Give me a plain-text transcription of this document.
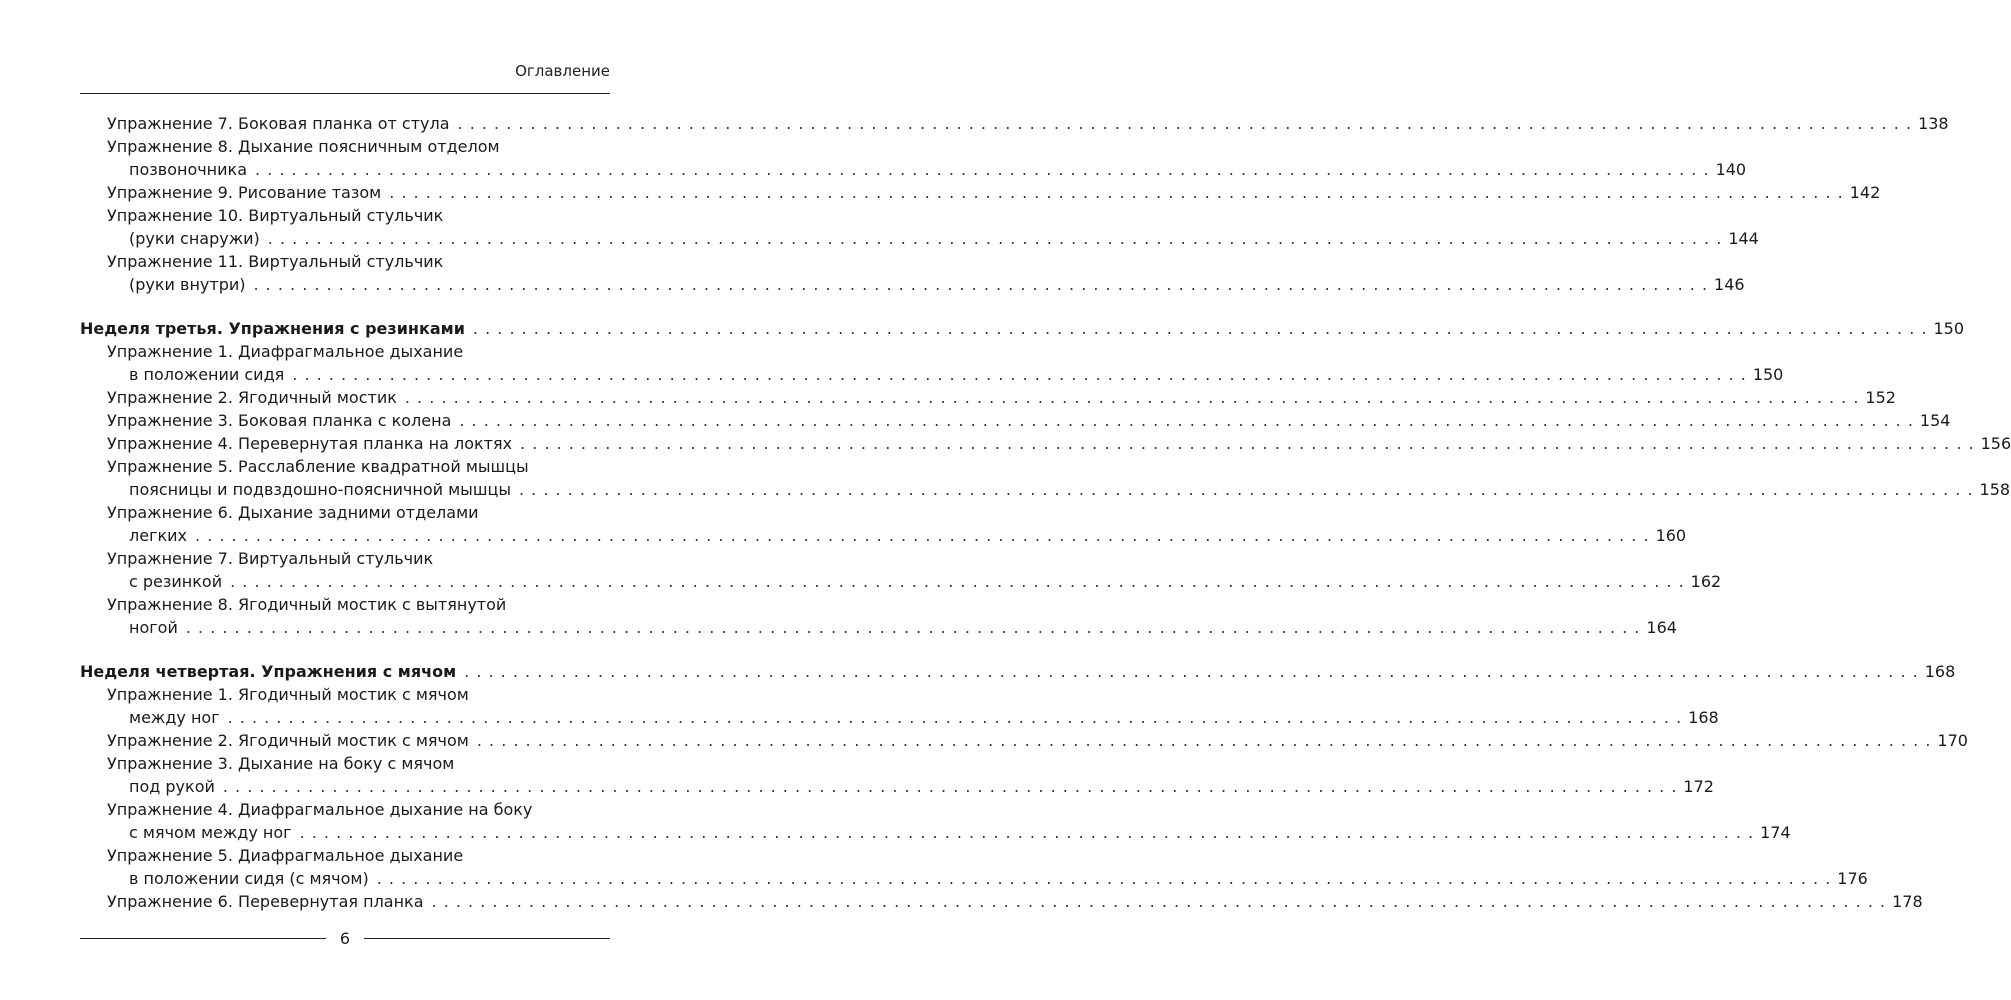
Оглавление
Упражнение 7. Боковая планка от стула . . . . . . . . . . . . . . . . . . . . . . . . . . . . . . . . . . . . . . . . . . . . . . . . . . . . . . . . . . . . . . . . . . . . . . . . . . . . . . . . . . . . . . . . . . . . . . . . . . . . . . . . . . . . . . . . . . . . . . . . 138
Упражнение 8. Дыхание поясничным отделом
позвоночника . . . . . . . . . . . . . . . . . . . . . . . . . . . . . . . . . . . . . . . . . . . . . . . . . . . . . . . . . . . . . . . . . . . . . . . . . . . . . . . . . . . . . . . . . . . . . . . . . . . . . . . . . . . . . . . . . . . . . . . . 140
Упражнение 9. Рисование тазом . . . . . . . . . . . . . . . . . . . . . . . . . . . . . . . . . . . . . . . . . . . . . . . . . . . . . . . . . . . . . . . . . . . . . . . . . . . . . . . . . . . . . . . . . . . . . . . . . . . . . . . . . . . . . . . . . . . . . . . . 142
Упражнение 10. Виртуальный стульчик
(руки снаружи) . . . . . . . . . . . . . . . . . . . . . . . . . . . . . . . . . . . . . . . . . . . . . . . . . . . . . . . . . . . . . . . . . . . . . . . . . . . . . . . . . . . . . . . . . . . . . . . . . . . . . . . . . . . . . . . . . . . . . . . . 144
Упражнение 11. Виртуальный стульчик
(руки внутри) . . . . . . . . . . . . . . . . . . . . . . . . . . . . . . . . . . . . . . . . . . . . . . . . . . . . . . . . . . . . . . . . . . . . . . . . . . . . . . . . . . . . . . . . . . . . . . . . . . . . . . . . . . . . . . . . . . . . . . . . 146
Неделя третья. Упражнения с резинками . . . . . . . . . . . . . . . . . . . . . . . . . . . . . . . . . . . . . . . . . . . . . . . . . . . . . . . . . . . . . . . . . . . . . . . . . . . . . . . . . . . . . . . . . . . . . . . . . . . . . . . . . . . . . . . . . . . . . . . . 150
Упражнение 1. Диафрагмальное дыхание
в положении сидя . . . . . . . . . . . . . . . . . . . . . . . . . . . . . . . . . . . . . . . . . . . . . . . . . . . . . . . . . . . . . . . . . . . . . . . . . . . . . . . . . . . . . . . . . . . . . . . . . . . . . . . . . . . . . . . . . . . . . . . . 150
Упражнение 2. Ягодичный мостик . . . . . . . . . . . . . . . . . . . . . . . . . . . . . . . . . . . . . . . . . . . . . . . . . . . . . . . . . . . . . . . . . . . . . . . . . . . . . . . . . . . . . . . . . . . . . . . . . . . . . . . . . . . . . . . . . . . . . . . . 152
Упражнение 3. Боковая планка с колена . . . . . . . . . . . . . . . . . . . . . . . . . . . . . . . . . . . . . . . . . . . . . . . . . . . . . . . . . . . . . . . . . . . . . . . . . . . . . . . . . . . . . . . . . . . . . . . . . . . . . . . . . . . . . . . . . . . . . . . . 154
Упражнение 4. Перевернутая планка на локтях . . . . . . . . . . . . . . . . . . . . . . . . . . . . . . . . . . . . . . . . . . . . . . . . . . . . . . . . . . . . . . . . . . . . . . . . . . . . . . . . . . . . . . . . . . . . . . . . . . . . . . . . . . . . . . . . . . . . . . . . 156
Упражнение 5. Расслабление квадратной мышцы
поясницы и подвздошно-поясничной мышцы . . . . . . . . . . . . . . . . . . . . . . . . . . . . . . . . . . . . . . . . . . . . . . . . . . . . . . . . . . . . . . . . . . . . . . . . . . . . . . . . . . . . . . . . . . . . . . . . . . . . . . . . . . . . . . . . . . . . . . . . 158
Упражнение 6. Дыхание задними отделами
легких . . . . . . . . . . . . . . . . . . . . . . . . . . . . . . . . . . . . . . . . . . . . . . . . . . . . . . . . . . . . . . . . . . . . . . . . . . . . . . . . . . . . . . . . . . . . . . . . . . . . . . . . . . . . . . . . . . . . . . . . 160
Упражнение 7. Виртуальный стульчик
с резинкой . . . . . . . . . . . . . . . . . . . . . . . . . . . . . . . . . . . . . . . . . . . . . . . . . . . . . . . . . . . . . . . . . . . . . . . . . . . . . . . . . . . . . . . . . . . . . . . . . . . . . . . . . . . . . . . . . . . . . . . . 162
Упражнение 8. Ягодичный мостик с вытянутой
ногой . . . . . . . . . . . . . . . . . . . . . . . . . . . . . . . . . . . . . . . . . . . . . . . . . . . . . . . . . . . . . . . . . . . . . . . . . . . . . . . . . . . . . . . . . . . . . . . . . . . . . . . . . . . . . . . . . . . . . . . . 164
Неделя четвертая. Упражнения с мячом . . . . . . . . . . . . . . . . . . . . . . . . . . . . . . . . . . . . . . . . . . . . . . . . . . . . . . . . . . . . . . . . . . . . . . . . . . . . . . . . . . . . . . . . . . . . . . . . . . . . . . . . . . . . . . . . . . . . . . . . 168
Упражнение 1. Ягодичный мостик с мячом
между ног . . . . . . . . . . . . . . . . . . . . . . . . . . . . . . . . . . . . . . . . . . . . . . . . . . . . . . . . . . . . . . . . . . . . . . . . . . . . . . . . . . . . . . . . . . . . . . . . . . . . . . . . . . . . . . . . . . . . . . . . 168
Упражнение 2. Ягодичный мостик с мячом . . . . . . . . . . . . . . . . . . . . . . . . . . . . . . . . . . . . . . . . . . . . . . . . . . . . . . . . . . . . . . . . . . . . . . . . . . . . . . . . . . . . . . . . . . . . . . . . . . . . . . . . . . . . . . . . . . . . . . . . 170
Упражнение 3. Дыхание на боку с мячом
под рукой . . . . . . . . . . . . . . . . . . . . . . . . . . . . . . . . . . . . . . . . . . . . . . . . . . . . . . . . . . . . . . . . . . . . . . . . . . . . . . . . . . . . . . . . . . . . . . . . . . . . . . . . . . . . . . . . . . . . . . . . 172
Упражнение 4. Диафрагмальное дыхание на боку
с мячом между ног . . . . . . . . . . . . . . . . . . . . . . . . . . . . . . . . . . . . . . . . . . . . . . . . . . . . . . . . . . . . . . . . . . . . . . . . . . . . . . . . . . . . . . . . . . . . . . . . . . . . . . . . . . . . . . . . . . . . . . . . 174
Упражнение 5. Диафрагмальное дыхание
в положении сидя (с мячом) . . . . . . . . . . . . . . . . . . . . . . . . . . . . . . . . . . . . . . . . . . . . . . . . . . . . . . . . . . . . . . . . . . . . . . . . . . . . . . . . . . . . . . . . . . . . . . . . . . . . . . . . . . . . . . . . . . . . . . . . 176
Упражнение 6. Перевернутая планка . . . . . . . . . . . . . . . . . . . . . . . . . . . . . . . . . . . . . . . . . . . . . . . . . . . . . . . . . . . . . . . . . . . . . . . . . . . . . . . . . . . . . . . . . . . . . . . . . . . . . . . . . . . . . . . . . . . . . . . . 178
6
